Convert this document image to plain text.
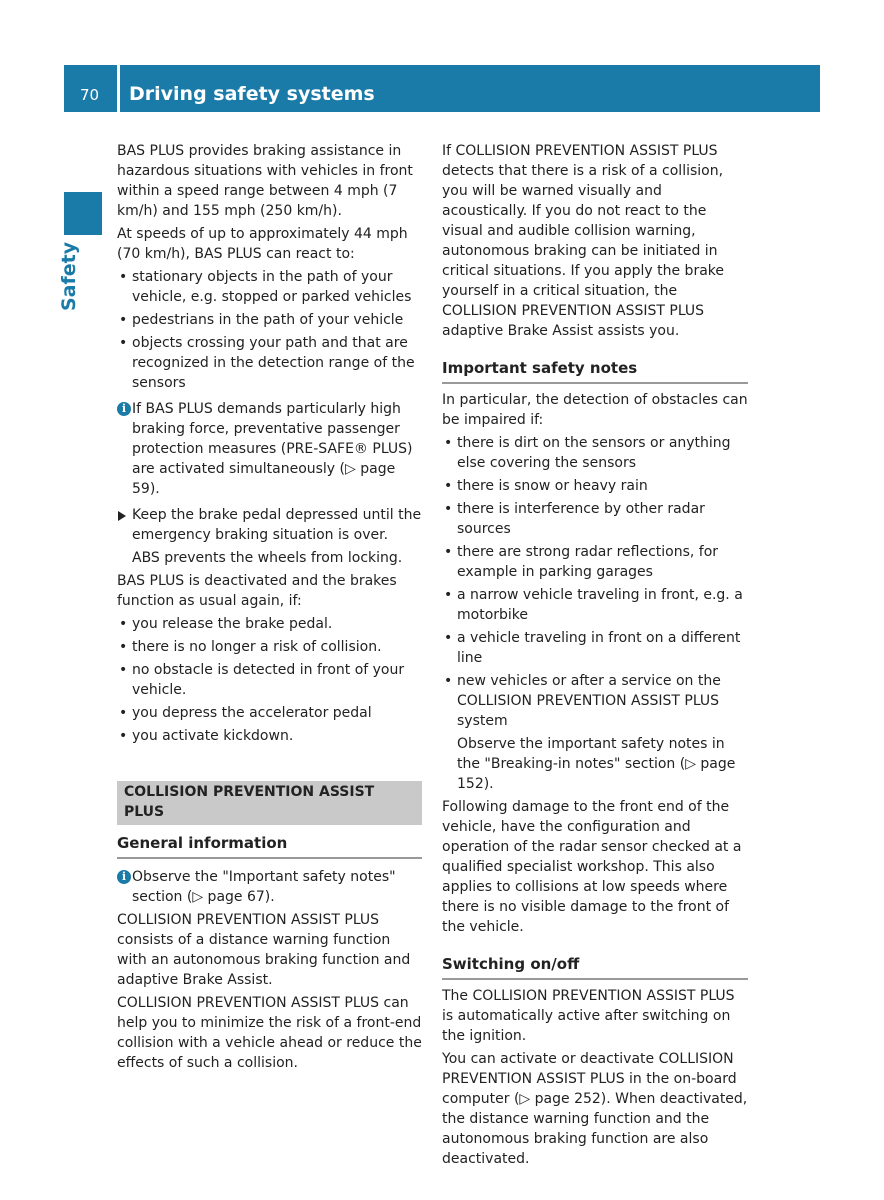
70 Driving safety systems
Safety

BAS PLUS provides braking assistance in hazardous situations with vehicles in front within a speed range between 4 mph (7 km/h) and 155 mph (250 km/h).

At speeds of up to approximately 44 mph (70 km/h), BAS PLUS can react to:

• stationary objects in the path of your vehicle, e.g. stopped or parked vehicles
• pedestrians in the path of your vehicle
• objects crossing your path and that are recognized in the detection range of the sensors
i If BAS PLUS demands particularly high braking force, preventative passenger protection measures (PRE-SAFE® PLUS) are activated simultaneously (▷ page 59).
Keep the brake pedal depressed until the emergency braking situation is over.

ABS prevents the wheels from locking.

BAS PLUS is deactivated and the brakes function as usual again, if:

• you release the brake pedal.
• there is no longer a risk of collision.
• no obstacle is detected in front of your vehicle.
• you depress the accelerator pedal
• you activate kickdown.
COLLISION PREVENTION ASSIST PLUS
General information
i Observe the "Important safety notes" section (▷ page 67).

COLLISION PREVENTION ASSIST PLUS consists of a distance warning function with an autonomous braking function and adaptive Brake Assist.

COLLISION PREVENTION ASSIST PLUS can help you to minimize the risk of a front-end collision with a vehicle ahead or reduce the effects of such a collision.

If COLLISION PREVENTION ASSIST PLUS detects that there is a risk of a collision, you will be warned visually and acoustically. If you do not react to the visual and audible collision warning, autonomous braking can be initiated in critical situations. If you apply the brake yourself in a critical situation, the COLLISION PREVENTION ASSIST PLUS adaptive Brake Assist assists you.

Important safety notes

In particular, the detection of obstacles can be impaired if:

• there is dirt on the sensors or anything else covering the sensors
• there is snow or heavy rain
• there is interference by other radar sources
• there are strong radar reflections, for example in parking garages
• a narrow vehicle traveling in front, e.g. a motorbike
• a vehicle traveling in front on a different line
• new vehicles or after a service on the COLLISION PREVENTION ASSIST PLUS system

Observe the important safety notes in the "Breaking-in notes" section (▷ page 152).

Following damage to the front end of the vehicle, have the configuration and operation of the radar sensor checked at a qualified specialist workshop. This also applies to collisions at low speeds where there is no visible damage to the front of the vehicle.

Switching on/off

The COLLISION PREVENTION ASSIST PLUS is automatically active after switching on the ignition.

You can activate or deactivate COLLISION PREVENTION ASSIST PLUS in the on-board computer (▷ page 252). When deactivated, the distance warning function and the autonomous braking function are also deactivated.
